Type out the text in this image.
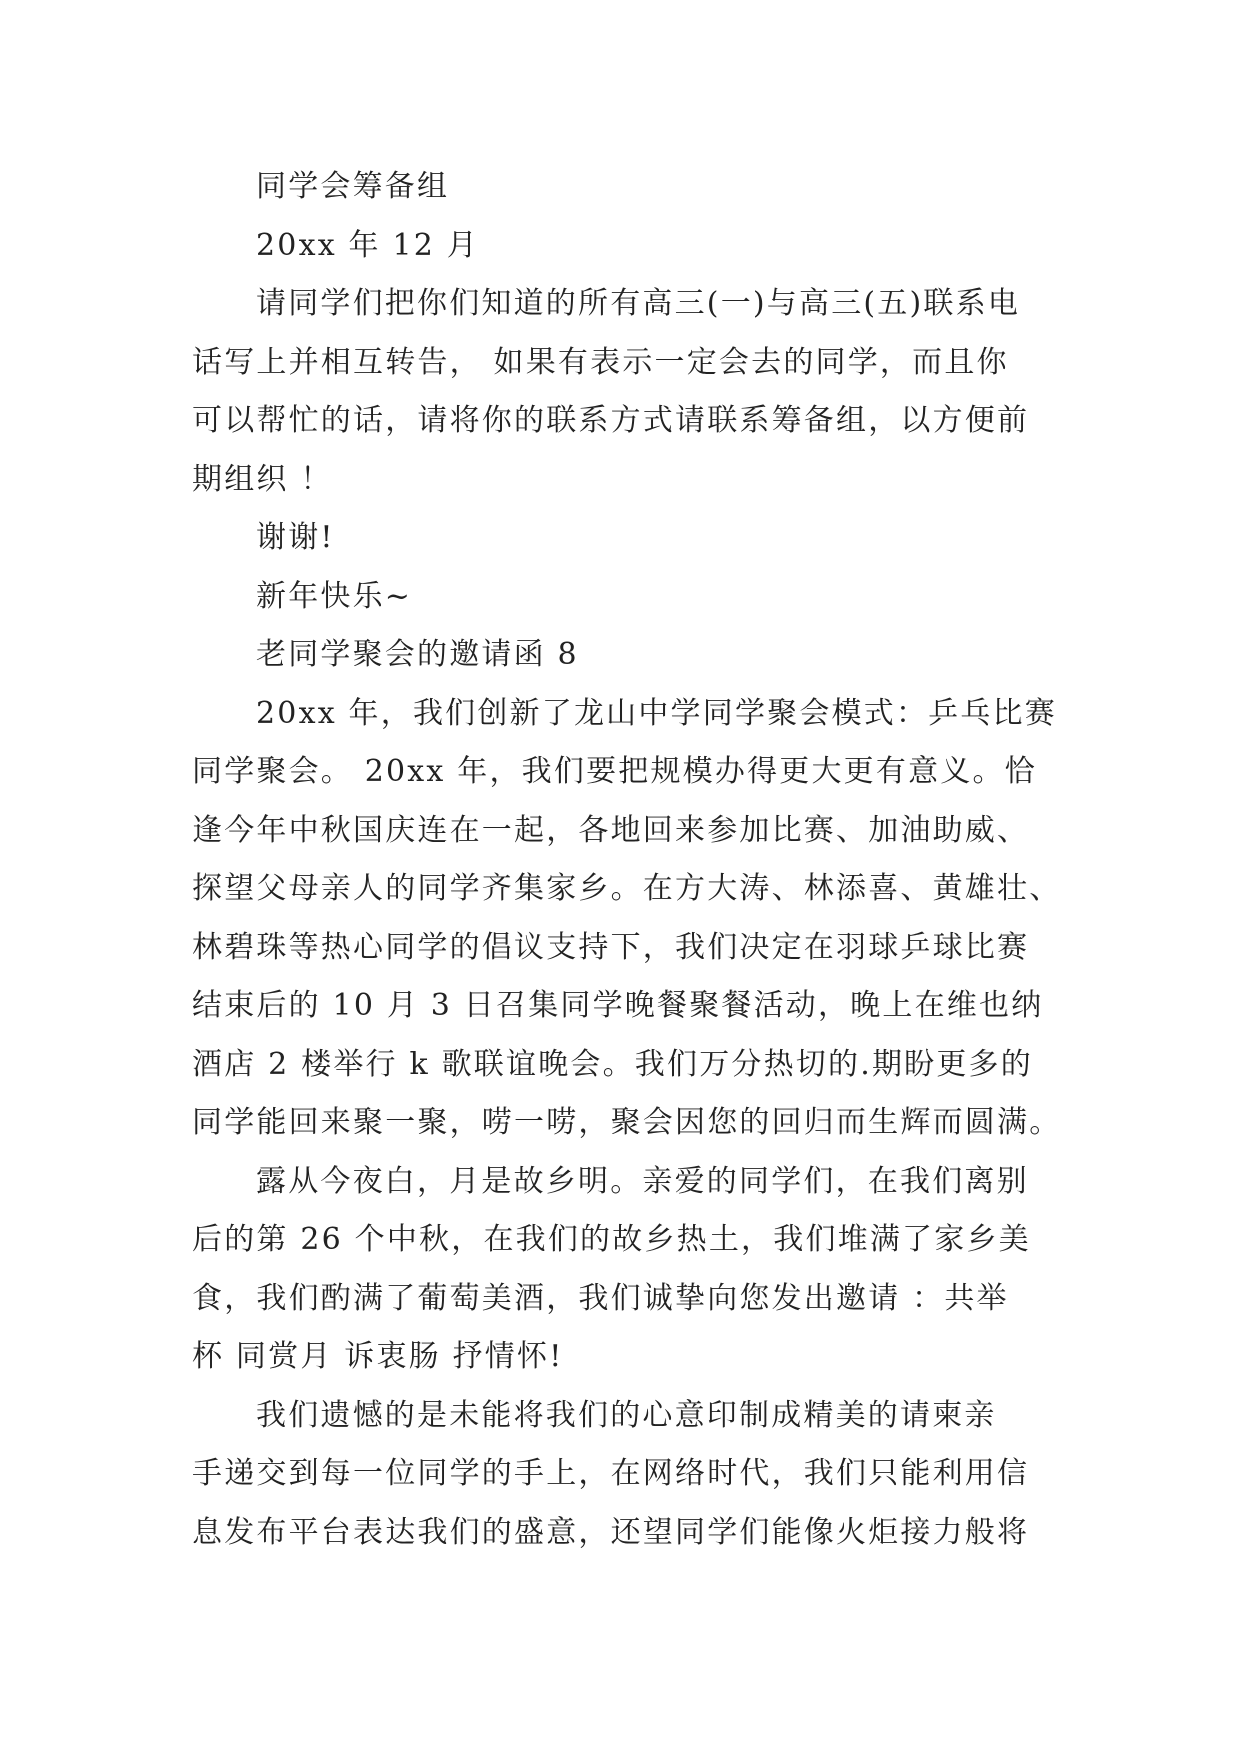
同学会筹备组
20xx 年 12 月
请同学们把你们知道的所有高三(一)与高三(五)联系电
话写上并相互转告， 如果有表示一定会去的同学，而且你
可以帮忙的话，请将你的联系方式请联系筹备组，以方便前
期组织 ！
谢谢!
新年快乐~
老同学聚会的邀请函 8
20xx 年，我们创新了龙山中学同学聚会模式：乒乓比赛
同学聚会。 20xx 年，我们要把规模办得更大更有意义。恰
逢今年中秋国庆连在一起，各地回来参加比赛、加油助威、
探望父母亲人的同学齐集家乡。在方大涛、林添喜、黄雄壮、
林碧珠等热心同学的倡议支持下，我们决定在羽球乒球比赛
结束后的 10 月 3 日召集同学晚餐聚餐活动，晚上在维也纳
酒店 2 楼举行 k 歌联谊晚会。我们万分热切的.期盼更多的
同学能回来聚一聚，唠一唠，聚会因您的回归而生辉而圆满。
露从今夜白，月是故乡明。亲爱的同学们，在我们离别
后的第 26 个中秋，在我们的故乡热土，我们堆满了家乡美
食，我们酌满了葡萄美酒，我们诚挚向您发出邀请 ：共举
杯 同赏月 诉衷肠 抒情怀!
我们遗憾的是未能将我们的心意印制成精美的请柬亲
手递交到每一位同学的手上，在网络时代，我们只能利用信
息发布平台表达我们的盛意，还望同学们能像火炬接力般将
